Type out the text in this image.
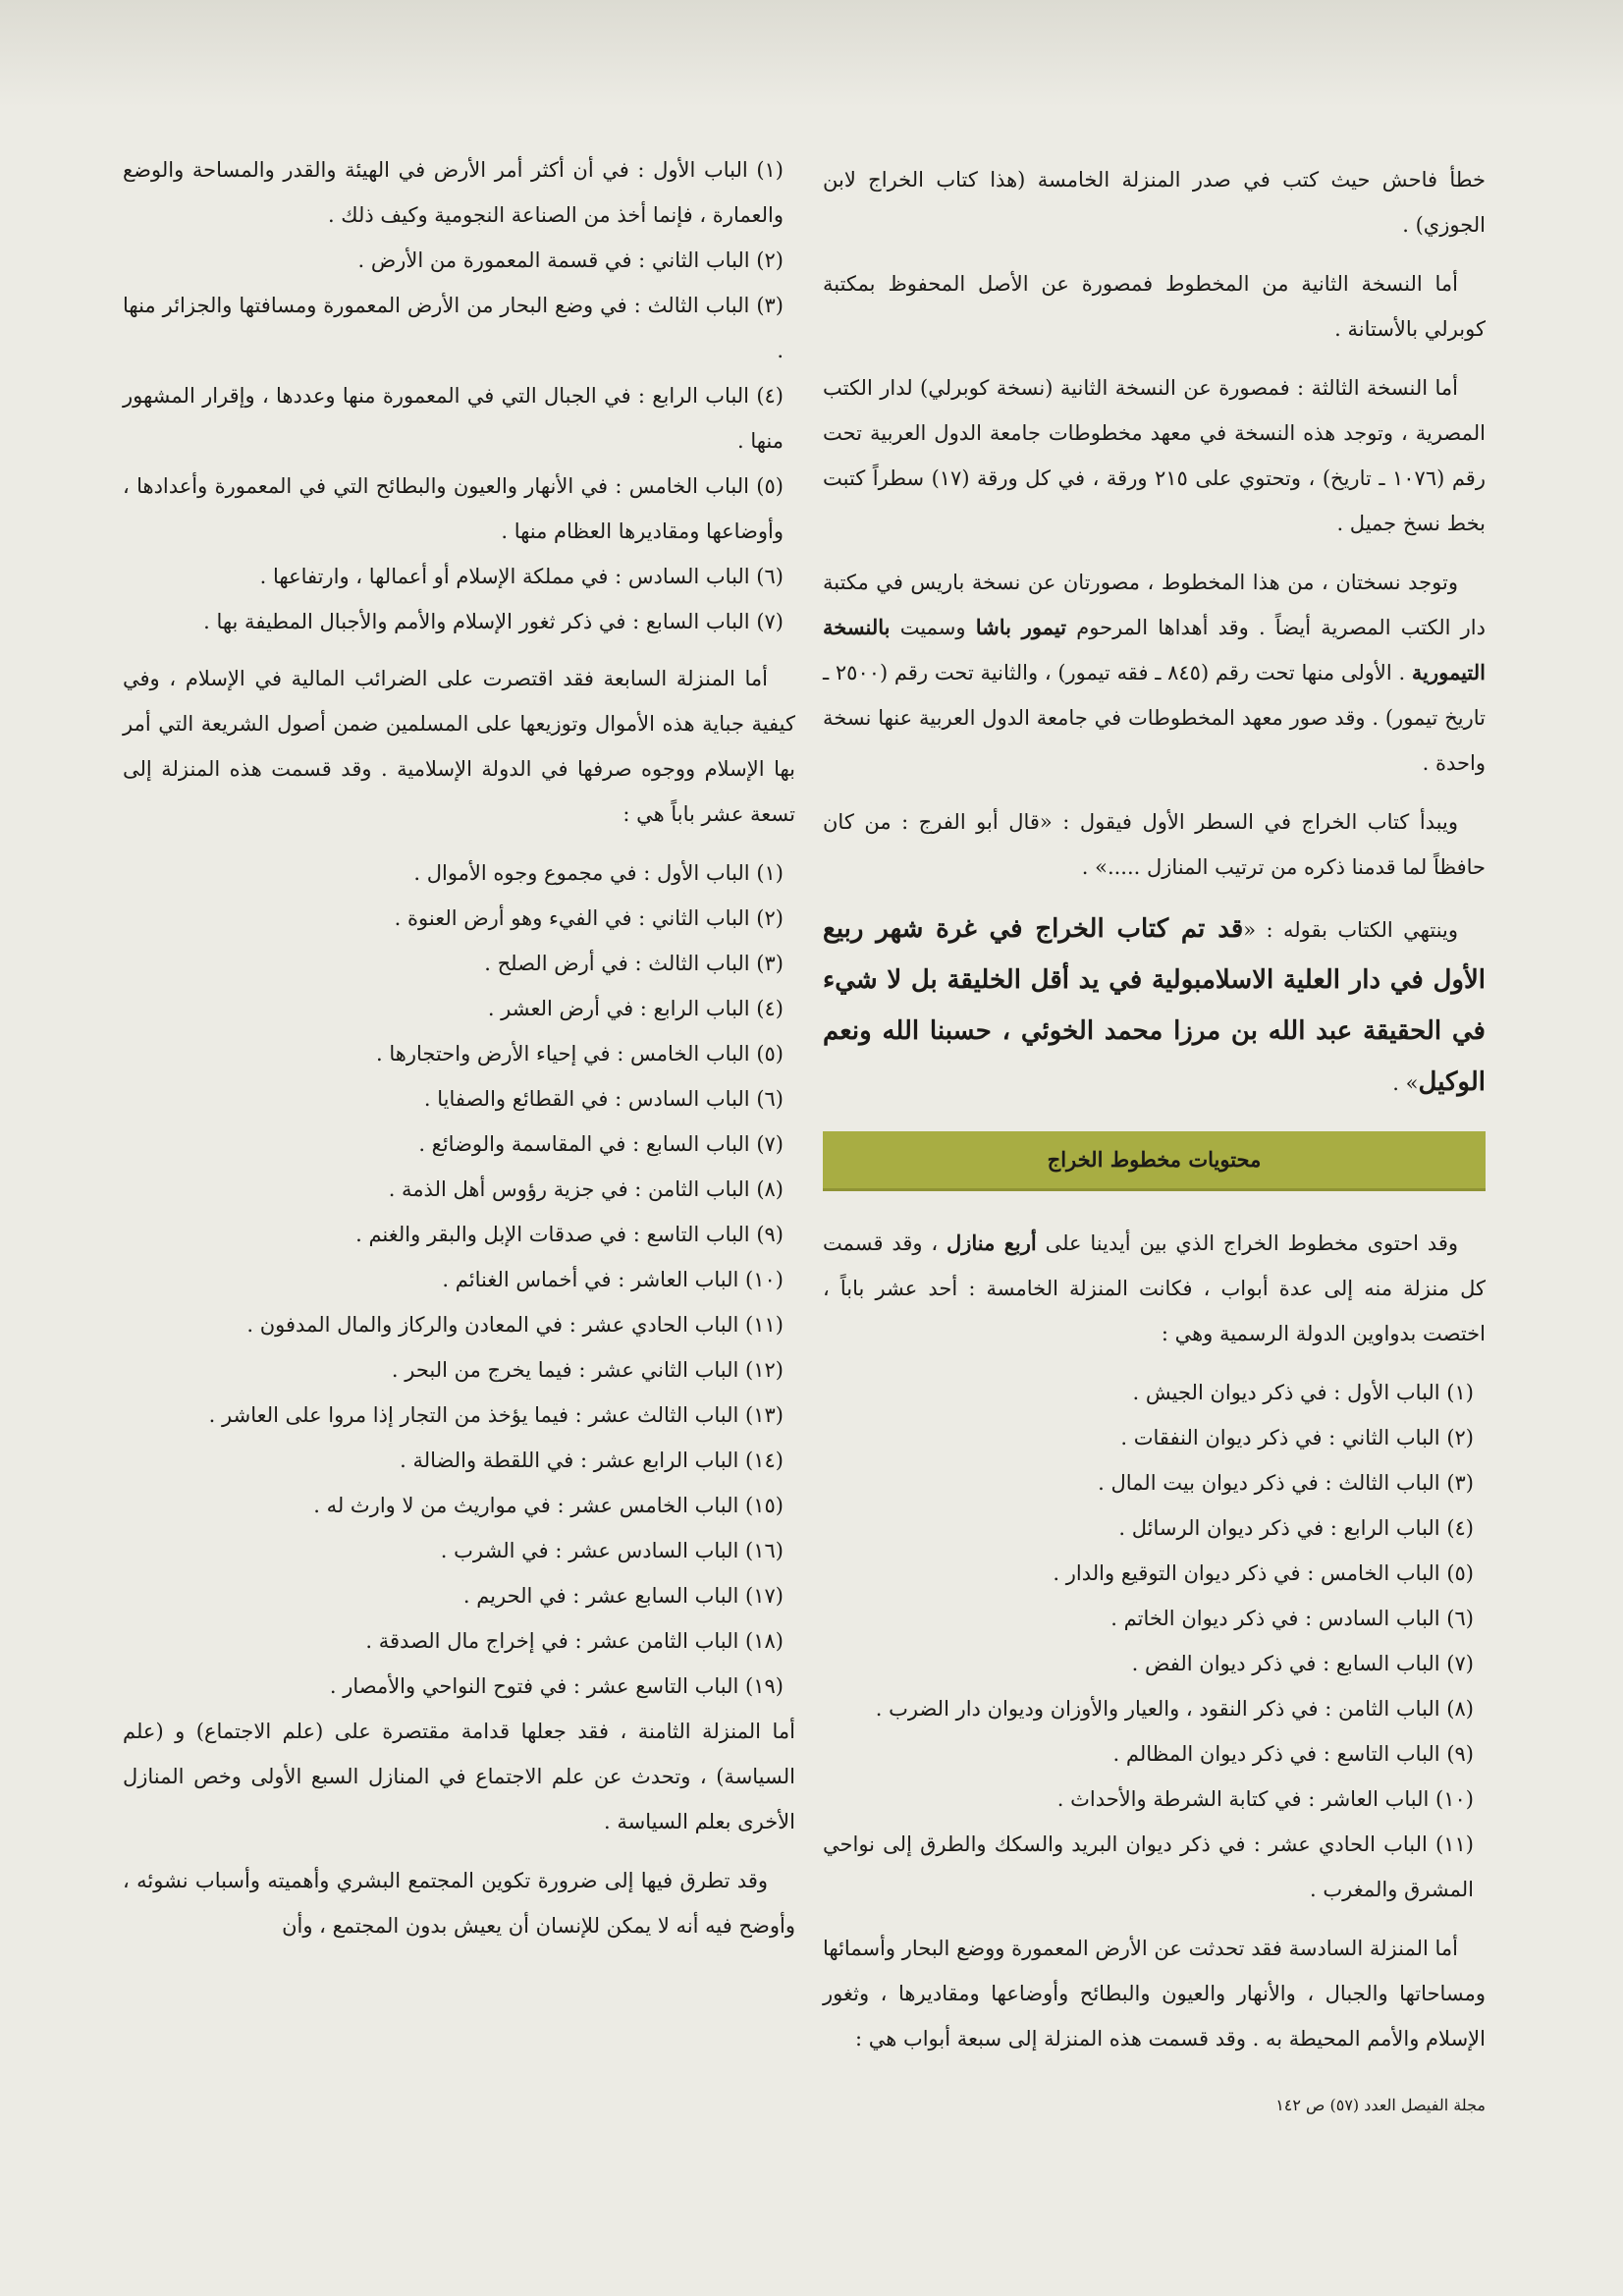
خطأ فاحش حيث كتب في صدر المنزلة الخامسة (هذا كتاب الخراج لابن الجوزي) .

أما النسخة الثانية من المخطوط فمصورة عن الأصل المحفوظ بمكتبة كوبرلي بالأستانة .

أما النسخة الثالثة : فمصورة عن النسخة الثانية (نسخة كوبرلي) لدار الكتب المصرية ، وتوجد هذه النسخة في معهد مخطوطات جامعة الدول العربية تحت رقم (١٠٧٦ ـ تاريخ) ، وتحتوي على ٢١٥ ورقة ، في كل ورقة (١٧) سطراً كتبت بخط نسخ جميل .

وتوجد نسختان ، من هذا المخطوط ، مصورتان عن نسخة باريس في مكتبة دار الكتب المصرية أيضاً . وقد أهداها المرحوم تيمور باشا وسميت بالنسخة التيمورية . الأولى منها تحت رقم (٨٤٥ ـ فقه تيمور) ، والثانية تحت رقم (٢٥٠٠ ـ تاريخ تيمور) . وقد صور معهد المخطوطات في جامعة الدول العربية عنها نسخة واحدة .

ويبدأ كتاب الخراج في السطر الأول فيقول : «قال أبو الفرج : من كان حافظاً لما قدمنا ذكره من ترتيب المنازل .....» .

وينتهي الكتاب بقوله : «قد تم كتاب الخراج في غرة شهر ربيع الأول في دار العلية الاسلامبولية في يد أقل الخليقة بل لا شيء في الحقيقة عبد الله بن مرزا محمد الخوئي ، حسبنا الله ونعم الوكيل» .

محتويات مخطوط الخراج

وقد احتوى مخطوط الخراج الذي بين أيدينا على أربع منازل ، وقد قسمت كل منزلة منه إلى عدة أبواب ، فكانت المنزلة الخامسة : أحد عشر باباً ، اختصت بدواوين الدولة الرسمية وهي :

(١) الباب الأول : في ذكر ديوان الجيش .

(٢) الباب الثاني : في ذكر ديوان النفقات .

(٣) الباب الثالث : في ذكر ديوان بيت المال .

(٤) الباب الرابع : في ذكر ديوان الرسائل .

(٥) الباب الخامس : في ذكر ديوان التوقيع والدار .

(٦) الباب السادس : في ذكر ديوان الخاتم .

(٧) الباب السابع : في ذكر ديوان الفض .

(٨) الباب الثامن : في ذكر النقود ، والعيار والأوزان وديوان دار الضرب .

(٩) الباب التاسع : في ذكر ديوان المظالم .

(١٠) الباب العاشر : في كتابة الشرطة والأحداث .

(١١) الباب الحادي عشر : في ذكر ديوان البريد والسكك والطرق إلى نواحي المشرق والمغرب .

أما المنزلة السادسة فقد تحدثت عن الأرض المعمورة ووضع البحار وأسمائها ومساحاتها والجبال ، والأنهار والعيون والبطائح وأوضاعها ومقاديرها ، وثغور الإسلام والأمم المحيطة به . وقد قسمت هذه المنزلة إلى سبعة أبواب هي :

(١) الباب الأول : في أن أكثر أمر الأرض في الهيئة والقدر والمساحة والوضع والعمارة ، فإنما أخذ من الصناعة النجومية وكيف ذلك .

(٢) الباب الثاني : في قسمة المعمورة من الأرض .

(٣) الباب الثالث : في وضع البحار من الأرض المعمورة ومسافتها والجزائر منها .

(٤) الباب الرابع : في الجبال التي في المعمورة منها وعددها ، وإقرار المشهور منها .

(٥) الباب الخامس : في الأنهار والعيون والبطائح التي في المعمورة وأعدادها ، وأوضاعها ومقاديرها العظام منها .

(٦) الباب السادس : في مملكة الإسلام أو أعمالها ، وارتفاعها .

(٧) الباب السابع : في ذكر ثغور الإسلام والأمم والأجبال المطيفة بها .

أما المنزلة السابعة فقد اقتصرت على الضرائب المالية في الإسلام ، وفي كيفية جباية هذه الأموال وتوزيعها على المسلمين ضمن أصول الشريعة التي أمر بها الإسلام ووجوه صرفها في الدولة الإسلامية . وقد قسمت هذه المنزلة إلى تسعة عشر باباً هي :

(١) الباب الأول : في مجموع وجوه الأموال .

(٢) الباب الثاني : في الفيء وهو أرض العنوة .

(٣) الباب الثالث : في أرض الصلح .

(٤) الباب الرابع : في أرض العشر .

(٥) الباب الخامس : في إحياء الأرض واحتجارها .

(٦) الباب السادس : في القطائع والصفايا .

(٧) الباب السابع : في المقاسمة والوضائع .

(٨) الباب الثامن : في جزية رؤوس أهل الذمة .

(٩) الباب التاسع : في صدقات الإبل والبقر والغنم .

(١٠) الباب العاشر : في أخماس الغنائم .

(١١) الباب الحادي عشر : في المعادن والركاز والمال المدفون .

(١٢) الباب الثاني عشر : فيما يخرج من البحر .

(١٣) الباب الثالث عشر : فيما يؤخذ من التجار إذا مروا على العاشر .

(١٤) الباب الرابع عشر : في اللقطة والضالة .

(١٥) الباب الخامس عشر : في مواريث من لا وارث له .

(١٦) الباب السادس عشر : في الشرب .

(١٧) الباب السابع عشر : في الحريم .

(١٨) الباب الثامن عشر : في إخراج مال الصدقة .

(١٩) الباب التاسع عشر : في فتوح النواحي والأمصار .

أما المنزلة الثامنة ، فقد جعلها قدامة مقتصرة على (علم الاجتماع) و (علم السياسة) ، وتحدث عن علم الاجتماع في المنازل السبع الأولى وخص المنازل الأخرى بعلم السياسة .

وقد تطرق فيها إلى ضرورة تكوين المجتمع البشري وأهميته وأسباب نشوئه ، وأوضح فيه أنه لا يمكن للإنسان أن يعيش بدون المجتمع ، وأن

مجلة الفيصل العدد (٥٧) ص ١٤٢
